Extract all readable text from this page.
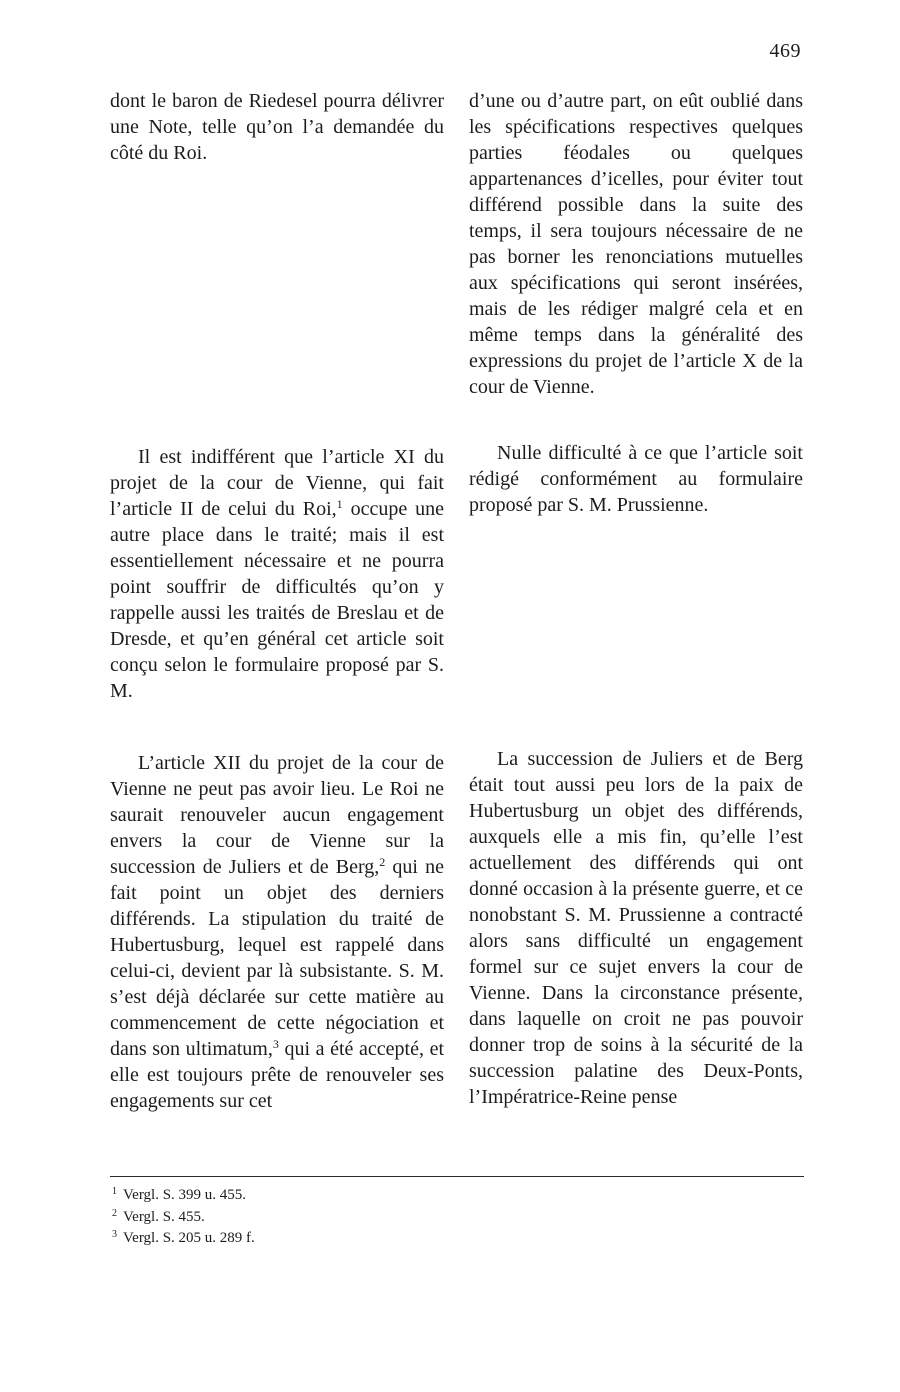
469
dont le baron de Riedesel pourra délivrer une Note, telle qu’on l’a demandée du côté du Roi.
Il est indifférent que l’article XI du projet de la cour de Vienne, qui fait l’article II de celui du Roi,$^1$ occupe une autre place dans le traité; mais il est essentiellement nécessaire et ne pourra point souffrir de difficultés qu’on y rappelle aussi les traités de Breslau et de Dresde, et qu’en général cet article soit conçu selon le formulaire proposé par S. M.
L’article XII du projet de la cour de Vienne ne peut pas avoir lieu. Le Roi ne saurait renouveler aucun engagement envers la cour de Vienne sur la succession de Juliers et de Berg,$^2$ qui ne fait point un objet des derniers différends. La stipulation du traité de Hubertusburg, lequel est rappelé dans celui-ci, devient par là subsistante. S. M. s’est déjà déclarée sur cette matière au commencement de cette négociation et dans son ultimatum,$^3$ qui a été accepté, et elle est toujours prête de renouveler ses engagements sur cet
d’une ou d’autre part, on eût oublié dans les spécifications respectives quelques parties féodales ou quelques appartenances d’icelles, pour éviter tout différend possible dans la suite des temps, il sera toujours nécessaire de ne pas borner les renonciations mutuelles aux spécifications qui seront insérées, mais de les rédiger malgré cela et en même temps dans la généralité des expressions du projet de l’article X de la cour de Vienne.
Nulle difficulté à ce que l’article soit rédigé conformément au formulaire proposé par S. M. Prussienne.
La succession de Juliers et de Berg était tout aussi peu lors de la paix de Hubertusburg un objet des différends, auxquels elle a mis fin, qu’elle l’est actuellement des différends qui ont donné occasion à la présente guerre, et ce nonobstant S. M. Prussienne a contracté alors sans difficulté un engagement formel sur ce sujet envers la cour de Vienne. Dans la circonstance présente, dans laquelle on croit ne pas pouvoir donner trop de soins à la sécurité de la succession palatine des Deux-Ponts, l’Impératrice-Reine pense
$^1$ Vergl. S. 399 u. 455.
$^2$ Vergl. S. 455.
$^3$ Vergl. S. 205 u. 289 f.
